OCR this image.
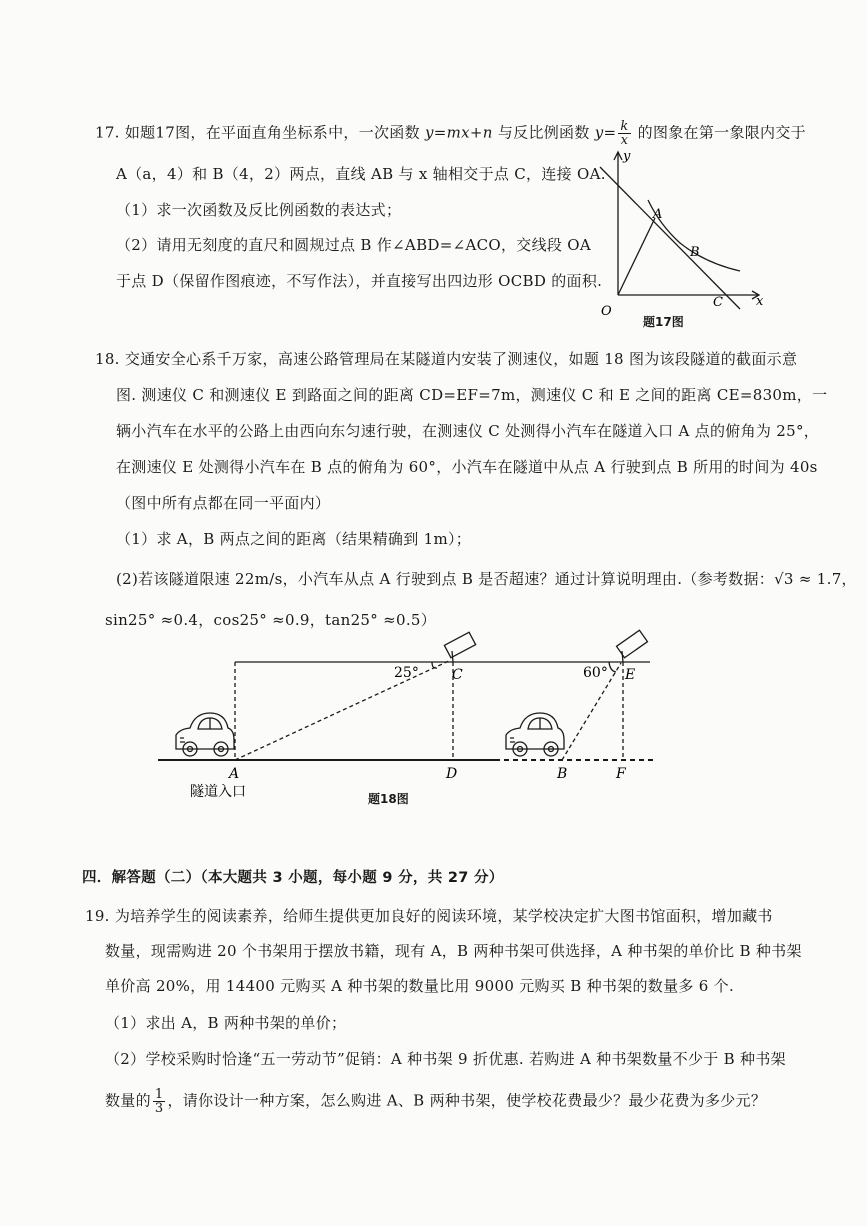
17. 如题17图，在平面直角坐标系中，一次函数 y=mx+n 与反比例函数 $y= \frac{k}{x}$ 的图象在第一象限内交于
A（a，4）和 B（4，2）两点，直线 AB 与 x 轴相交于点 C，连接 OA.
（1）求一次函数及反比例函数的表达式；
（2）请用无刻度的直尺和圆规过点 B 作∠ABD=∠ACO，交线段 OA
于点 D（保留作图痕迹，不写作法），并直接写出四边形 OCBD 的面积.
y
x
O
A
B
C
题17图
18. 交通安全心系千万家，高速公路管理局在某隧道内安装了测速仪，如题 18 图为该段隧道的截面示意
图. 测速仪 C 和测速仪 E 到路面之间的距离 CD=EF=7m，测速仪 C 和 E 之间的距离 CE=830m，一
辆小汽车在水平的公路上由西向东匀速行驶，在测速仪 C 处测得小汽车在隧道入口 A 点的俯角为 25°，
在测速仪 E 处测得小汽车在 B 点的俯角为 60°，小汽车在隧道中从点 A 行驶到点 B 所用的时间为 40s
（图中所有点都在同一平面内）
（1）求 A，B 两点之间的距离（结果精确到 1m）；
(2)若该隧道限速 22m/s，小汽车从点 A 行驶到点 B 是否超速？通过计算说明理由.（参考数据：√3 ≈ 1.7，
sin25° ≈0.4，cos25° ≈0.9，tan25° ≈0.5）
25°	60°
C	E
A	D	B	F
隧道入口	题18图
四．解答题（二）（本大题共 3 小题，每小题 9 分，共 27 分）
19. 为培养学生的阅读素养，给师生提供更加良好的阅读环境，某学校决定扩大图书馆面积，增加藏书
数量，现需购进 20 个书架用于摆放书籍，现有 A，B 两种书架可供选择，A 种书架的单价比 B 种书架
单价高 20%，用 14400 元购买 A 种书架的数量比用 9000 元购买 B 种书架的数量多 6 个.
（1）求出 A，B 两种书架的单价；
（2）学校采购时恰逢“五一劳动节”促销：A 种书架 9 折优惠. 若购进 A 种书架数量不少于 B 种书架
数量的 $\frac{1}{3}$ ，请你设计一种方案，怎么购进 A、B 两种书架，使学校花费最少？最少花费为多少元？
